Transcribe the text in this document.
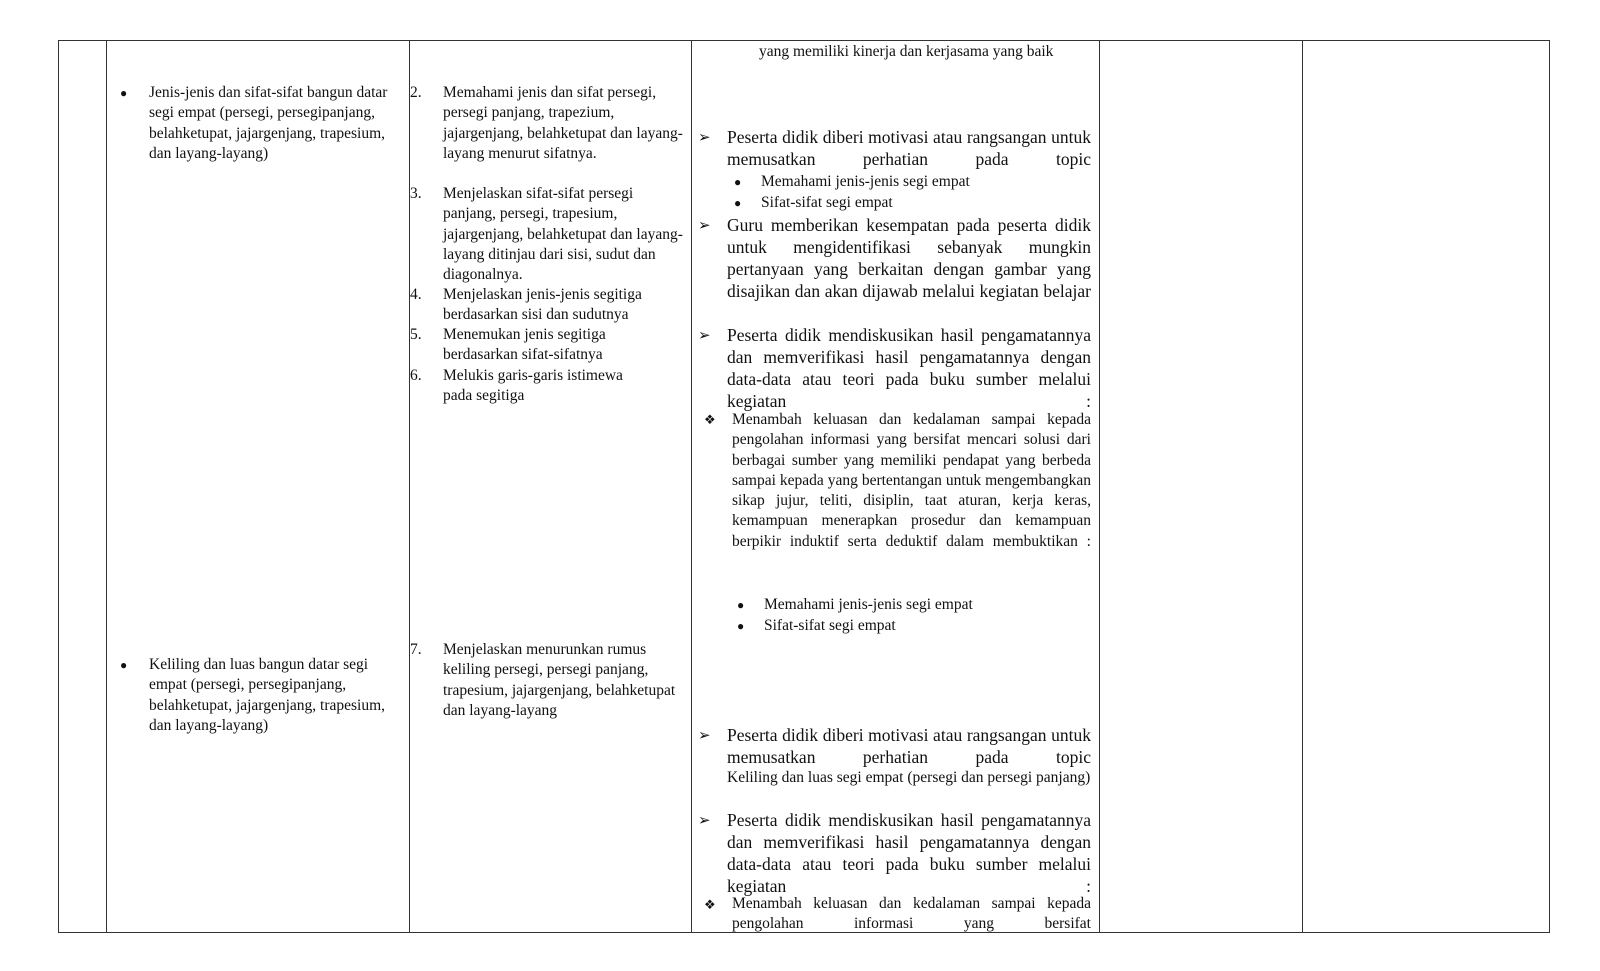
● Jenis-jenis dan sifat-sifat bangun datar segi empat (persegi, persegipanjang, belahketupat, jajargenjang, trapesium, dan layang-layang)
● Keliling dan luas bangun datar segi empat (persegi, persegipanjang, belahketupat, jajargenjang, trapesium, dan layang-layang)
2. Memahami jenis dan sifat persegi, persegi panjang, trapezium, jajargenjang, belahketupat dan layang-layang menurut sifatnya.
3. Menjelaskan sifat-sifat persegi panjang, persegi, trapesium, jajargenjang, belahketupat dan layang-layang ditinjau dari sisi, sudut dan diagonalnya.
4. Menjelaskan jenis-jenis segitiga berdasarkan sisi dan sudutnya
5. Menemukan jenis segitiga berdasarkan sifat-sifatnya
6. Melukis garis-garis istimewa pada segitiga
7. Menjelaskan menurunkan rumus keliling persegi, persegi panjang, trapesium, jajargenjang, belahketupat dan layang-layang
yang memiliki kinerja dan kerjasama yang baik
➢ Peserta didik diberi motivasi atau rangsangan untuk memusatkan perhatian pada topic
● Memahami jenis-jenis segi empat
● Sifat-sifat segi empat
➢ Guru memberikan kesempatan pada peserta didik untuk mengidentifikasi sebanyak mungkin pertanyaan yang berkaitan dengan gambar yang disajikan dan akan dijawab melalui kegiatan belajar
➢ Peserta didik mendiskusikan hasil pengamatannya dan memverifikasi hasil pengamatannya dengan data-data atau teori pada buku sumber melalui kegiatan :
❖ Menambah keluasan dan kedalaman sampai kepada pengolahan informasi yang bersifat mencari solusi dari berbagai sumber yang memiliki pendapat yang berbeda sampai kepada yang bertentangan untuk mengembangkan sikap jujur, teliti, disiplin, taat aturan, kerja keras, kemampuan menerapkan prosedur dan kemampuan berpikir induktif serta deduktif dalam membuktikan :
● Memahami jenis-jenis segi empat
● Sifat-sifat segi empat
➢ Peserta didik diberi motivasi atau rangsangan untuk memusatkan perhatian pada topic
Keliling dan luas segi empat (persegi dan persegi panjang)
➢ Peserta didik mendiskusikan hasil pengamatannya dan memverifikasi hasil pengamatannya dengan data-data atau teori pada buku sumber melalui kegiatan :
❖ Menambah keluasan dan kedalaman sampai kepada pengolahan informasi yang bersifat
